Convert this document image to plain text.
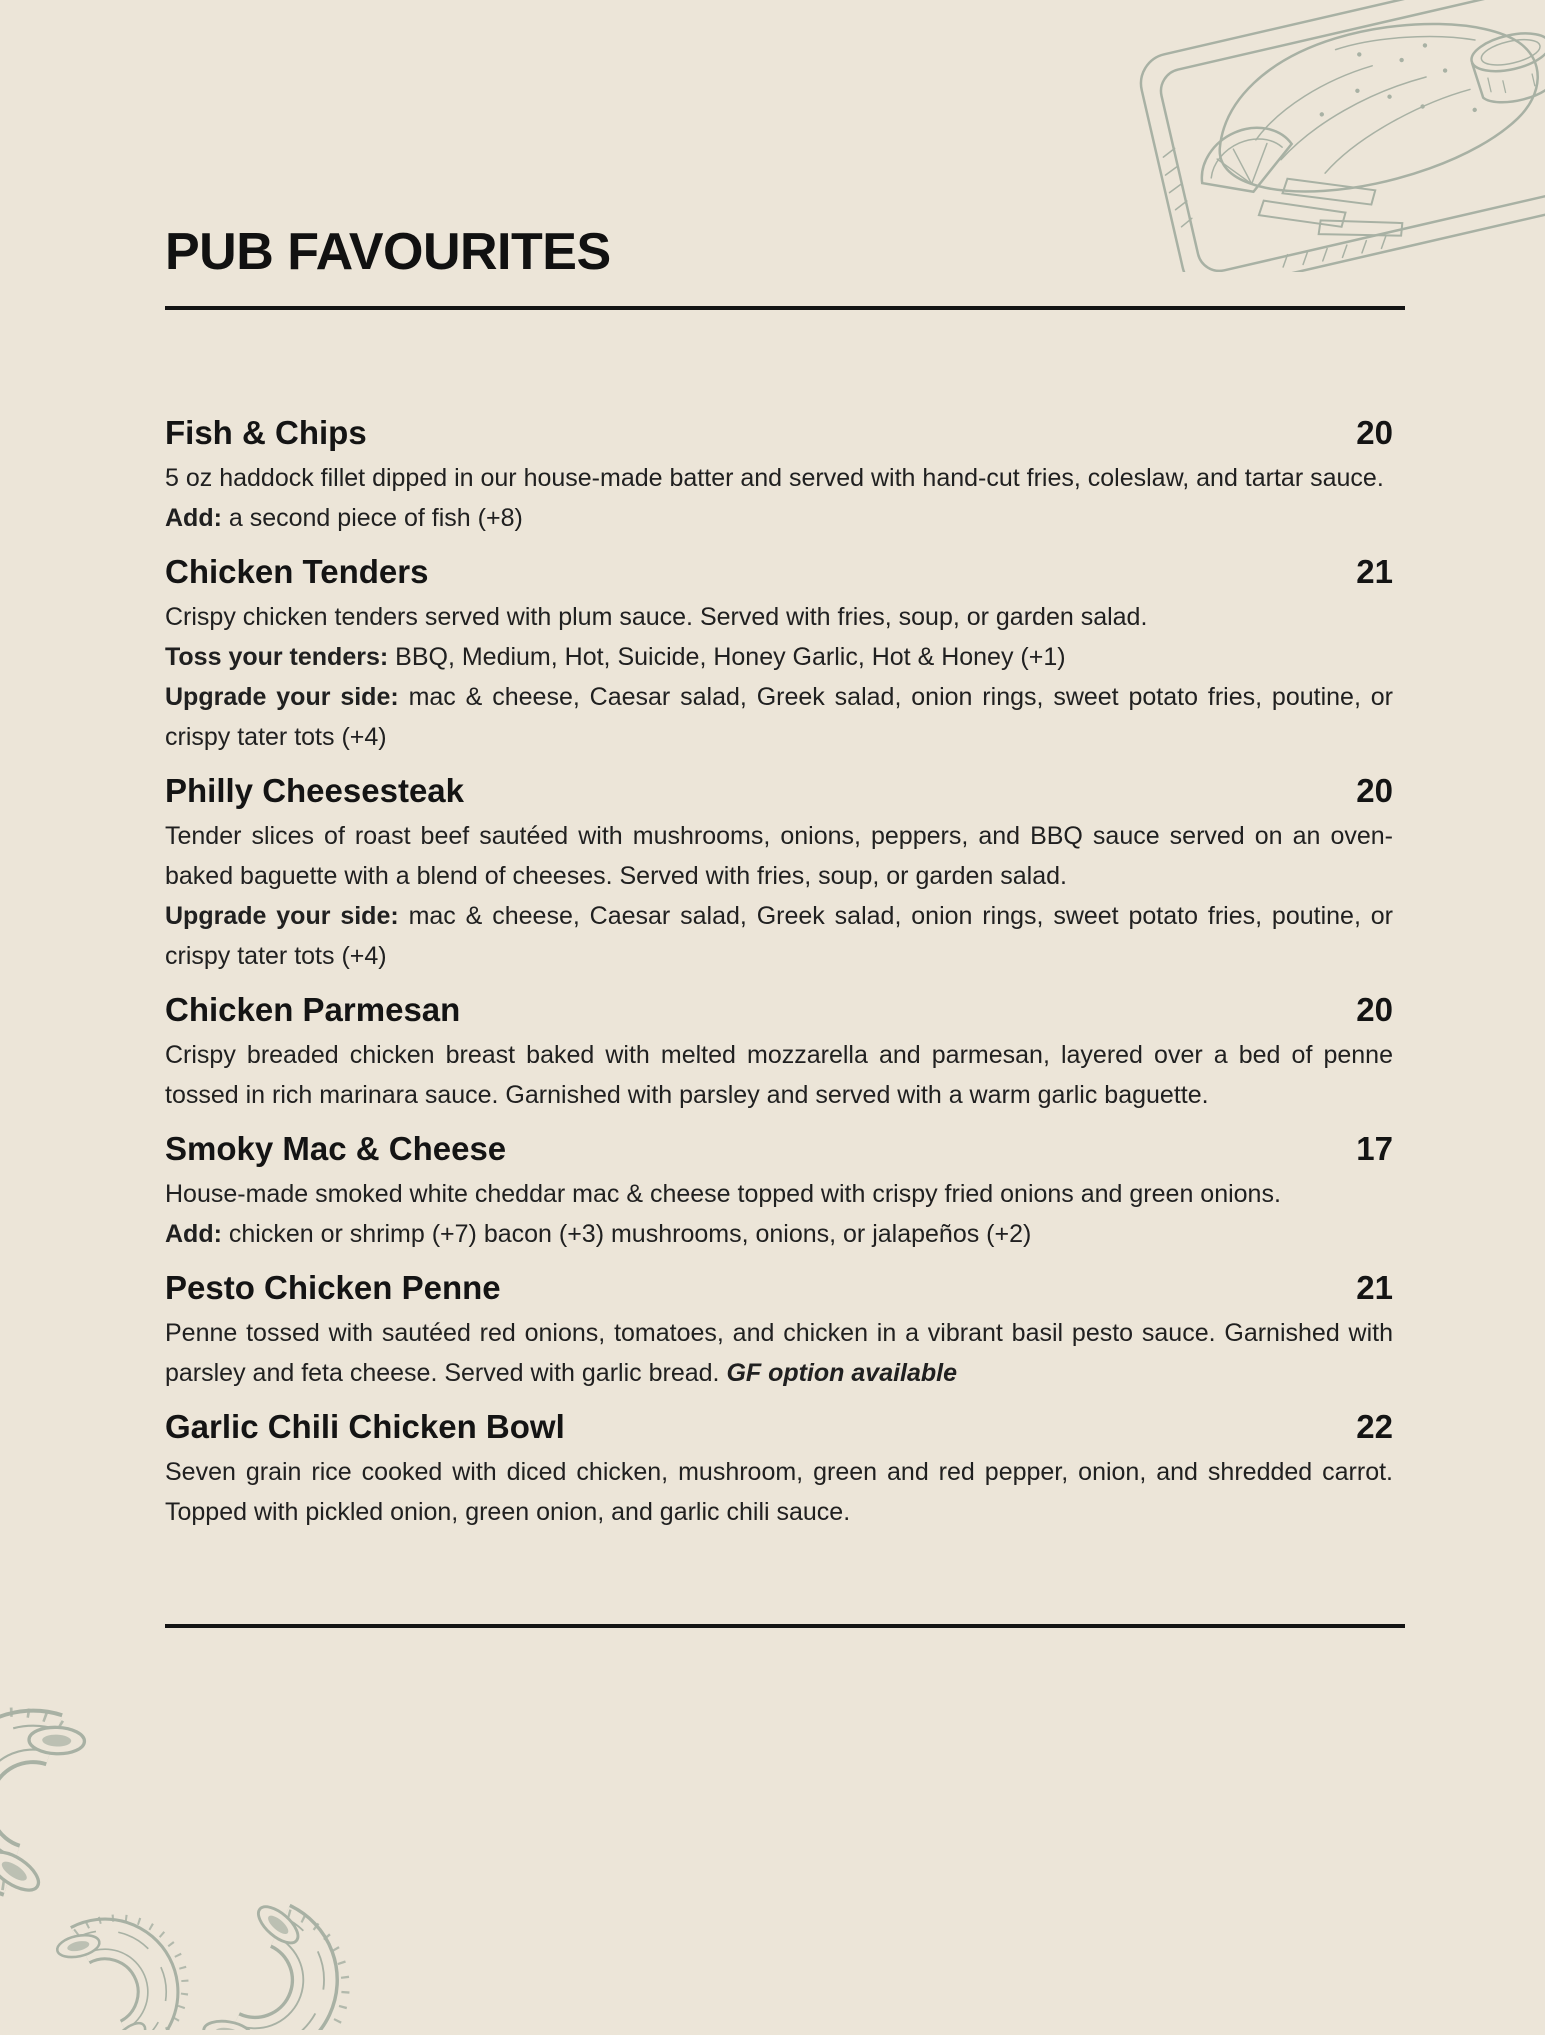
PUB FAVOURITES
Fish & Chips	20

5 oz haddock fillet dipped in our house-made batter and served with hand-cut fries, coleslaw, and tartar sauce.

Add: a second piece of fish (+8)

Chicken Tenders	21

Crispy chicken tenders served with plum sauce. Served with fries, soup, or garden salad.

Toss your tenders: BBQ, Medium, Hot, Suicide, Honey Garlic, Hot & Honey (+1)

Upgrade your side: mac & cheese, Caesar salad, Greek salad, onion rings, sweet potato fries, poutine, or crispy tater tots (+4)

Philly Cheesesteak	20

Tender slices of roast beef sautéed with mushrooms, onions, peppers, and BBQ sauce served on an oven-baked baguette with a blend of cheeses. Served with fries, soup, or garden salad.

Upgrade your side: mac & cheese, Caesar salad, Greek salad, onion rings, sweet potato fries, poutine, or crispy tater tots (+4)

Chicken Parmesan	20

Crispy breaded chicken breast baked with melted mozzarella and parmesan, layered over a bed of penne tossed in rich marinara sauce. Garnished with parsley and served with a warm garlic baguette.

Smoky Mac & Cheese	17

House-made smoked white cheddar mac & cheese topped with crispy fried onions and green onions.

Add: chicken or shrimp (+7) bacon (+3) mushrooms, onions, or jalapeños (+2)

Pesto Chicken Penne	21

Penne tossed with sautéed red onions, tomatoes, and chicken in a vibrant basil pesto sauce. Garnished with parsley and feta cheese. Served with garlic bread. GF option available

Garlic Chili Chicken Bowl	22

Seven grain rice cooked with diced chicken, mushroom, green and red pepper, onion, and shredded carrot. Topped with pickled onion, green onion, and garlic chili sauce.
